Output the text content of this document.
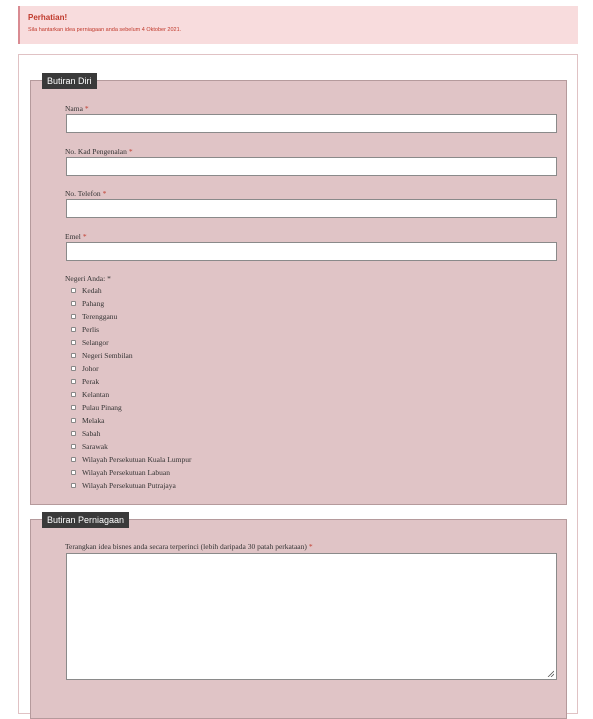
Perhatian!
Sila hantarkan idea perniagaan anda sebelum 4 Oktober 2021.
Butiran Diri
Nama *
No. Kad Pengenalan *
No. Telefon *
Emel *
Negeri Anda: *
Kedah
Pahang
Terengganu
Perlis
Selangor
Negeri Sembilan
Johor
Perak
Kelantan
Pulau Pinang
Melaka
Sabah
Sarawak
Wilayah Persekutuan Kuala Lumpur
Wilayah Persekutuan Labuan
Wilayah Persekutuan Putrajaya
Butiran Perniagaan
Terangkan idea bisnes anda secara terperinci (lebih daripada 30 patah perkataan) *
